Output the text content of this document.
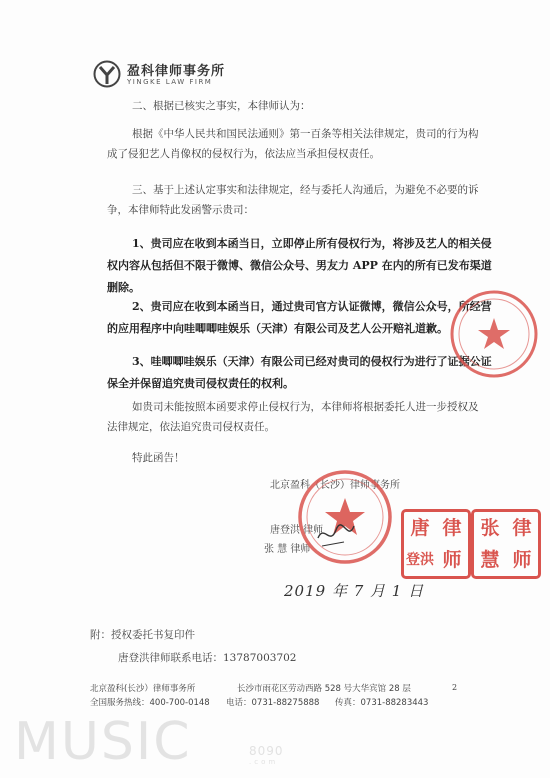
盈科律师事务所
YINGKE LAW FIRM
二、根据已核实之事实，本律师认为：
根据《中华人民共和国民法通则》第一百条等相关法律规定，贵司的行为构
成了侵犯艺人肖像权的侵权行为，依法应当承担侵权责任。
三、基于上述认定事实和法律规定，经与委托人沟通后，为避免不必要的诉
争，本律师特此发函警示贵司：
1、贵司应在收到本函当日，立即停止所有侵权行为，将涉及艺人的相关侵
权内容从包括但不限于微博、微信公众号、男友力 APP 在内的所有已发布渠道
删除。
2、贵司应在收到本函当日，通过贵司官方认证微博，微信公众号，所经营
的应用程序中向哇唧唧哇娱乐（天津）有限公司及艺人公开赔礼道歉。
3、哇唧唧哇娱乐（天津）有限公司已经对贵司的侵权行为进行了证据公证
保全并保留追究贵司侵权责任的权利。
如贵司未能按照本函要求停止侵权行为，本律师将根据委托人进一步授权及
法律规定，依法追究贵司侵权责任。
特此函告！
北京盈科（长沙）律师事务所
唐登洪 律师
张 慧 律师
唐 律
登洪 师
张 律
慧 师
2019 年 7 月 1 日
附：授权委托书复印件
唐登洪律师联系电话：13787003702
北京盈科(长沙）律师事务所	长沙市雨花区劳动西路 528 号大华宾馆 28 层
全国服务热线：400-700-0148 电话：0731-88275888 传真：0731-88283443
2
MUSIC	8090
.com
